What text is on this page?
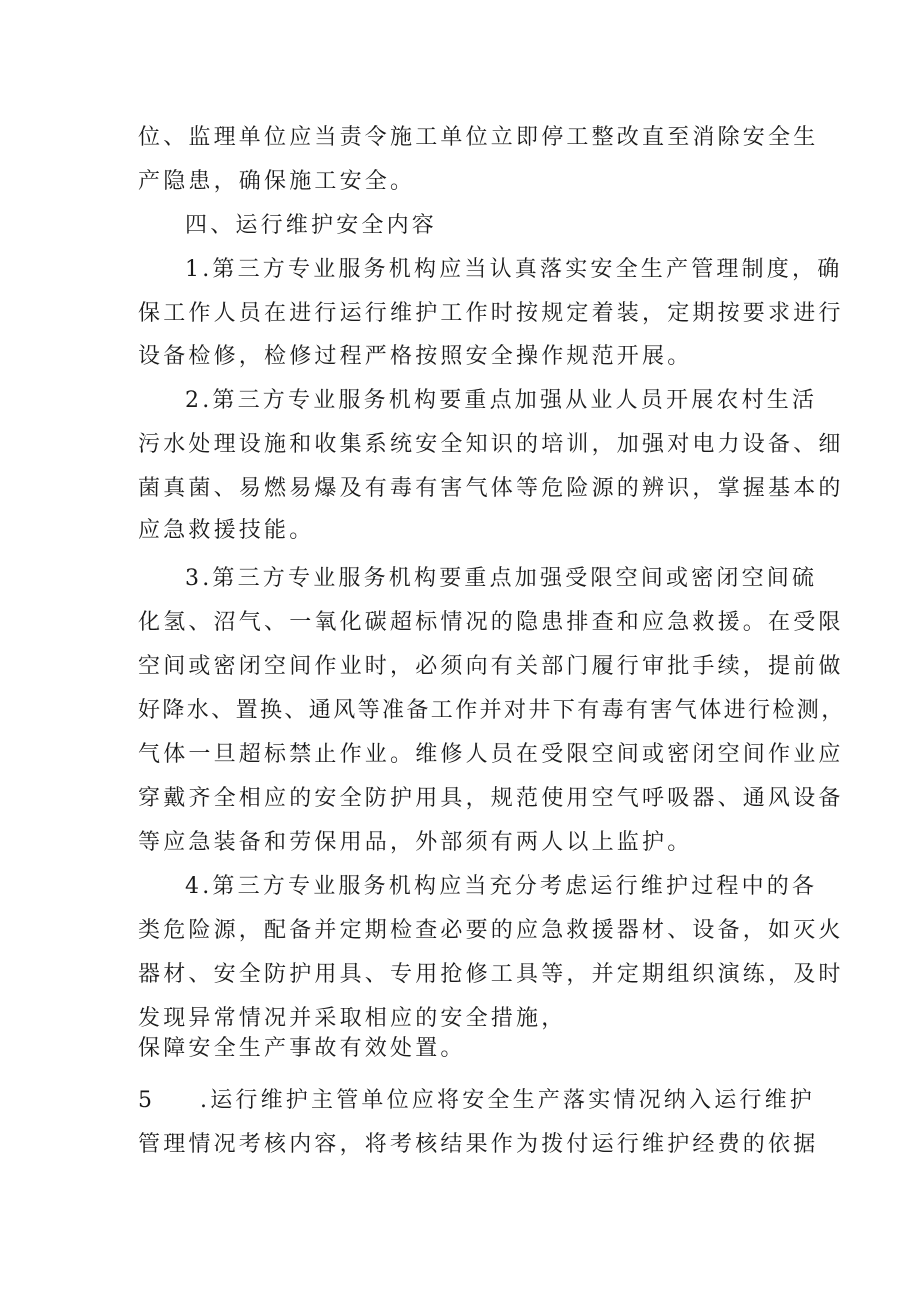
位、监理单位应当责令施工单位立即停工整改直至消除安全生
产隐患，确保施工安全。
四、运行维护安全内容
1.第三方专业服务机构应当认真落实安全生产管理制度，确
保工作人员在进行运行维护工作时按规定着装，定期按要求进行
设备检修，检修过程严格按照安全操作规范开展。
2.第三方专业服务机构要重点加强从业人员开展农村生活
污水处理设施和收集系统安全知识的培训，加强对电力设备、细
菌真菌、易燃易爆及有毒有害气体等危险源的辨识，掌握基本的
应急救援技能。
3.第三方专业服务机构要重点加强受限空间或密闭空间硫
化氢、沼气、一氧化碳超标情况的隐患排查和应急救援。在受限
空间或密闭空间作业时，必须向有关部门履行审批手续，提前做
好降水、置换、通风等准备工作并对井下有毒有害气体进行检测，
气体一旦超标禁止作业。维修人员在受限空间或密闭空间作业应
穿戴齐全相应的安全防护用具，规范使用空气呼吸器、通风设备
等应急装备和劳保用品，外部须有两人以上监护。
4.第三方专业服务机构应当充分考虑运行维护过程中的各
类危险源，配备并定期检查必要的应急救援器材、设备，如灭火
器材、安全防护用具、专用抢修工具等，并定期组织演练，及时
发现异常情况并采取相应的安全措施，
保障安全生产事故有效处置。
5 .运行维护主管单位应将安全生产落实情况纳入运行维护
管理情况考核内容，将考核结果作为拨付运行维护经费的依据
